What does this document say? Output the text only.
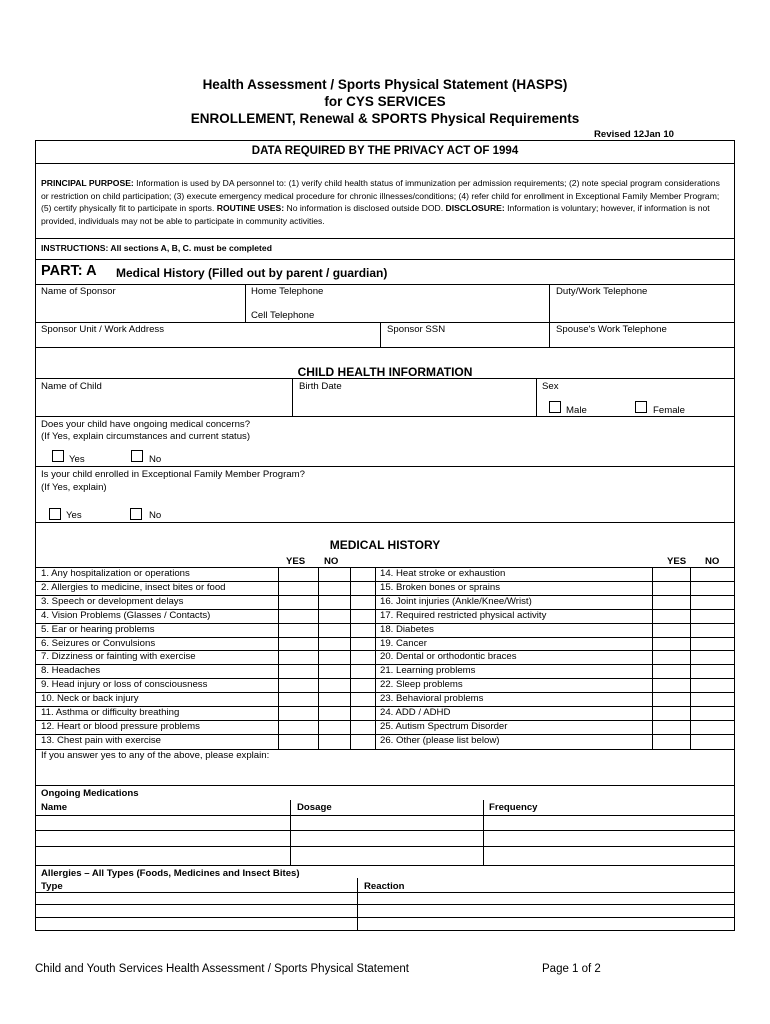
Health Assessment / Sports Physical Statement (HASPS)
for CYS SERVICES
ENROLLEMENT, Renewal & SPORTS Physical Requirements
Revised 12Jan 10
DATA REQUIRED BY THE PRIVACY ACT OF 1994

PRINCIPAL PURPOSE: Information is used by DA personnel to: (1) verify child health status of immunization per admission requirements; (2) note special program considerations or restriction on child participation; (3) execute emergency medical procedure for chronic illnesses/conditions; (4) refer child for enrollment in Exceptional Family Member Program; (5) certify physically fit to participate in sports. ROUTINE USES: No information is disclosed outside DOD. DISCLOSURE: Information is voluntary; however, if information is not provided, individuals may not be able to participate in community activities.

INSTRUCTIONS: All sections A, B, C. must be completed
PART: A Medical History (Filled out by parent / guardian)
Name of Sponsor	Home Telephone	Duty/Work Telephone
Cell Telephone
Sponsor Unit / Work Address	Sponsor SSN	Spouse's Work Telephone
CHILD HEALTH INFORMATION
Name of Child	Birth Date	Sex
Male	Female
Does your child have ongoing medical concerns?
(If Yes, explain circumstances and current status)
Yes	No
Is your child enrolled in Exceptional Family Member Program?
(If Yes, explain)
Yes	No
MEDICAL HISTORY
YES NO	YES NO
1. Any hospitalization or operations
2. Allergies to medicine, insect bites or food
3. Speech or development delays
4. Vision Problems (Glasses / Contacts)
5. Ear or hearing problems
6. Seizures or Convulsions
7. Dizziness or fainting with exercise
8. Headaches
9. Head injury or loss of consciousness
10. Neck or back injury
11. Asthma or difficulty breathing
12. Heart or blood pressure problems
13. Chest pain with exercise
14. Heat stroke or exhaustion
15. Broken bones or sprains
16. Joint injuries (Ankle/Knee/Wrist)
17. Required restricted physical activity
18. Diabetes
19. Cancer
20. Dental or orthodontic braces
21. Learning problems
22. Sleep problems
23. Behavioral problems
24. ADD / ADHD
25. Autism Spectrum Disorder
26. Other (please list below)
If you answer yes to any of the above, please explain:
Ongoing Medications
Name	Dosage	Frequency
Allergies – All Types (Foods, Medicines and Insect Bites)
Type	Reaction
Child and Youth Services Health Assessment / Sports Physical Statement	Page 1 of 2
